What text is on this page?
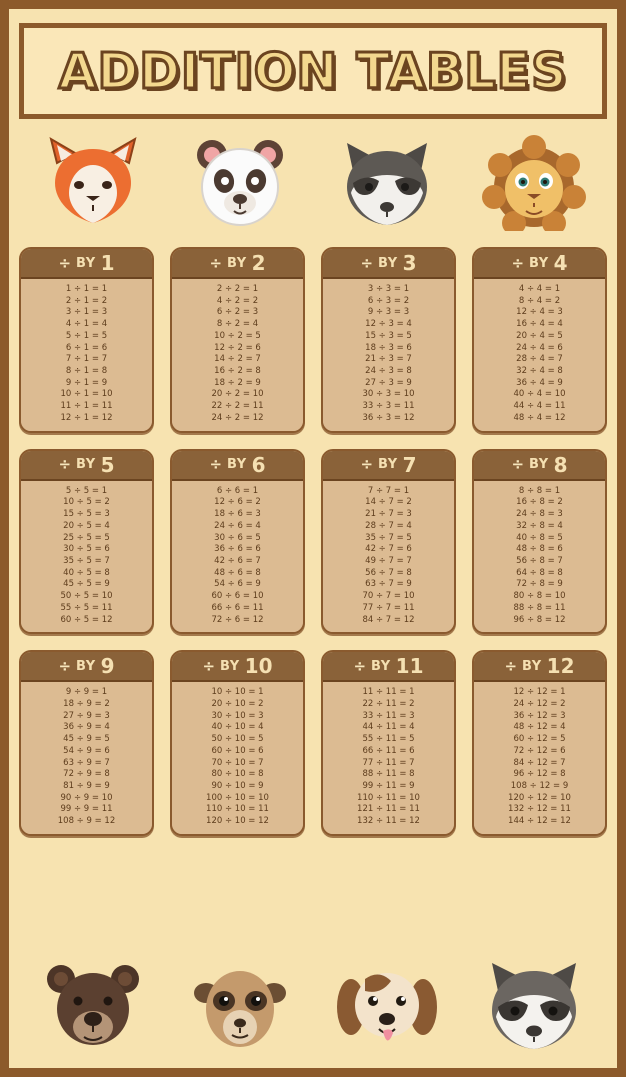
ADDITION TABLES
÷ BY 1
1 ÷ 1 = 1
2 ÷ 1 = 2
3 ÷ 1 = 3
4 ÷ 1 = 4
5 ÷ 1 = 5
6 ÷ 1 = 6
7 ÷ 1 = 7
8 ÷ 1 = 8
9 ÷ 1 = 9
10 ÷ 1 = 10
11 ÷ 1 = 11
12 ÷ 1 = 12
÷ BY 2
2 ÷ 2 = 1
4 ÷ 2 = 2
6 ÷ 2 = 3
8 ÷ 2 = 4
10 ÷ 2 = 5
12 ÷ 2 = 6
14 ÷ 2 = 7
16 ÷ 2 = 8
18 ÷ 2 = 9
20 ÷ 2 = 10
22 ÷ 2 = 11
24 ÷ 2 = 12
÷ BY 3
3 ÷ 3 = 1
6 ÷ 3 = 2
9 ÷ 3 = 3
12 ÷ 3 = 4
15 ÷ 3 = 5
18 ÷ 3 = 6
21 ÷ 3 = 7
24 ÷ 3 = 8
27 ÷ 3 = 9
30 ÷ 3 = 10
33 ÷ 3 = 11
36 ÷ 3 = 12
÷ BY 4
4 ÷ 4 = 1
8 ÷ 4 = 2
12 ÷ 4 = 3
16 ÷ 4 = 4
20 ÷ 4 = 5
24 ÷ 4 = 6
28 ÷ 4 = 7
32 ÷ 4 = 8
36 ÷ 4 = 9
40 ÷ 4 = 10
44 ÷ 4 = 11
48 ÷ 4 = 12
÷ BY 5
5 ÷ 5 = 1
10 ÷ 5 = 2
15 ÷ 5 = 3
20 ÷ 5 = 4
25 ÷ 5 = 5
30 ÷ 5 = 6
35 ÷ 5 = 7
40 ÷ 5 = 8
45 ÷ 5 = 9
50 ÷ 5 = 10
55 ÷ 5 = 11
60 ÷ 5 = 12
÷ BY 6
6 ÷ 6 = 1
12 ÷ 6 = 2
18 ÷ 6 = 3
24 ÷ 6 = 4
30 ÷ 6 = 5
36 ÷ 6 = 6
42 ÷ 6 = 7
48 ÷ 6 = 8
54 ÷ 6 = 9
60 ÷ 6 = 10
66 ÷ 6 = 11
72 ÷ 6 = 12
÷ BY 7
7 ÷ 7 = 1
14 ÷ 7 = 2
21 ÷ 7 = 3
28 ÷ 7 = 4
35 ÷ 7 = 5
42 ÷ 7 = 6
49 ÷ 7 = 7
56 ÷ 7 = 8
63 ÷ 7 = 9
70 ÷ 7 = 10
77 ÷ 7 = 11
84 ÷ 7 = 12
÷ BY 8
8 ÷ 8 = 1
16 ÷ 8 = 2
24 ÷ 8 = 3
32 ÷ 8 = 4
40 ÷ 8 = 5
48 ÷ 8 = 6
56 ÷ 8 = 7
64 ÷ 8 = 8
72 ÷ 8 = 9
80 ÷ 8 = 10
88 ÷ 8 = 11
96 ÷ 8 = 12
÷ BY 9
9 ÷ 9 = 1
18 ÷ 9 = 2
27 ÷ 9 = 3
36 ÷ 9 = 4
45 ÷ 9 = 5
54 ÷ 9 = 6
63 ÷ 9 = 7
72 ÷ 9 = 8
81 ÷ 9 = 9
90 ÷ 9 = 10
99 ÷ 9 = 11
108 ÷ 9 = 12
÷ BY 10
10 ÷ 10 = 1
20 ÷ 10 = 2
30 ÷ 10 = 3
40 ÷ 10 = 4
50 ÷ 10 = 5
60 ÷ 10 = 6
70 ÷ 10 = 7
80 ÷ 10 = 8
90 ÷ 10 = 9
100 ÷ 10 = 10
110 ÷ 10 = 11
120 ÷ 10 = 12
÷ BY 11
11 ÷ 11 = 1
22 ÷ 11 = 2
33 ÷ 11 = 3
44 ÷ 11 = 4
55 ÷ 11 = 5
66 ÷ 11 = 6
77 ÷ 11 = 7
88 ÷ 11 = 8
99 ÷ 11 = 9
110 ÷ 11 = 10
121 ÷ 11 = 11
132 ÷ 11 = 12
÷ BY 12
12 ÷ 12 = 1
24 ÷ 12 = 2
36 ÷ 12 = 3
48 ÷ 12 = 4
60 ÷ 12 = 5
72 ÷ 12 = 6
84 ÷ 12 = 7
96 ÷ 12 = 8
108 ÷ 12 = 9
120 ÷ 12 = 10
132 ÷ 12 = 11
144 ÷ 12 = 12
